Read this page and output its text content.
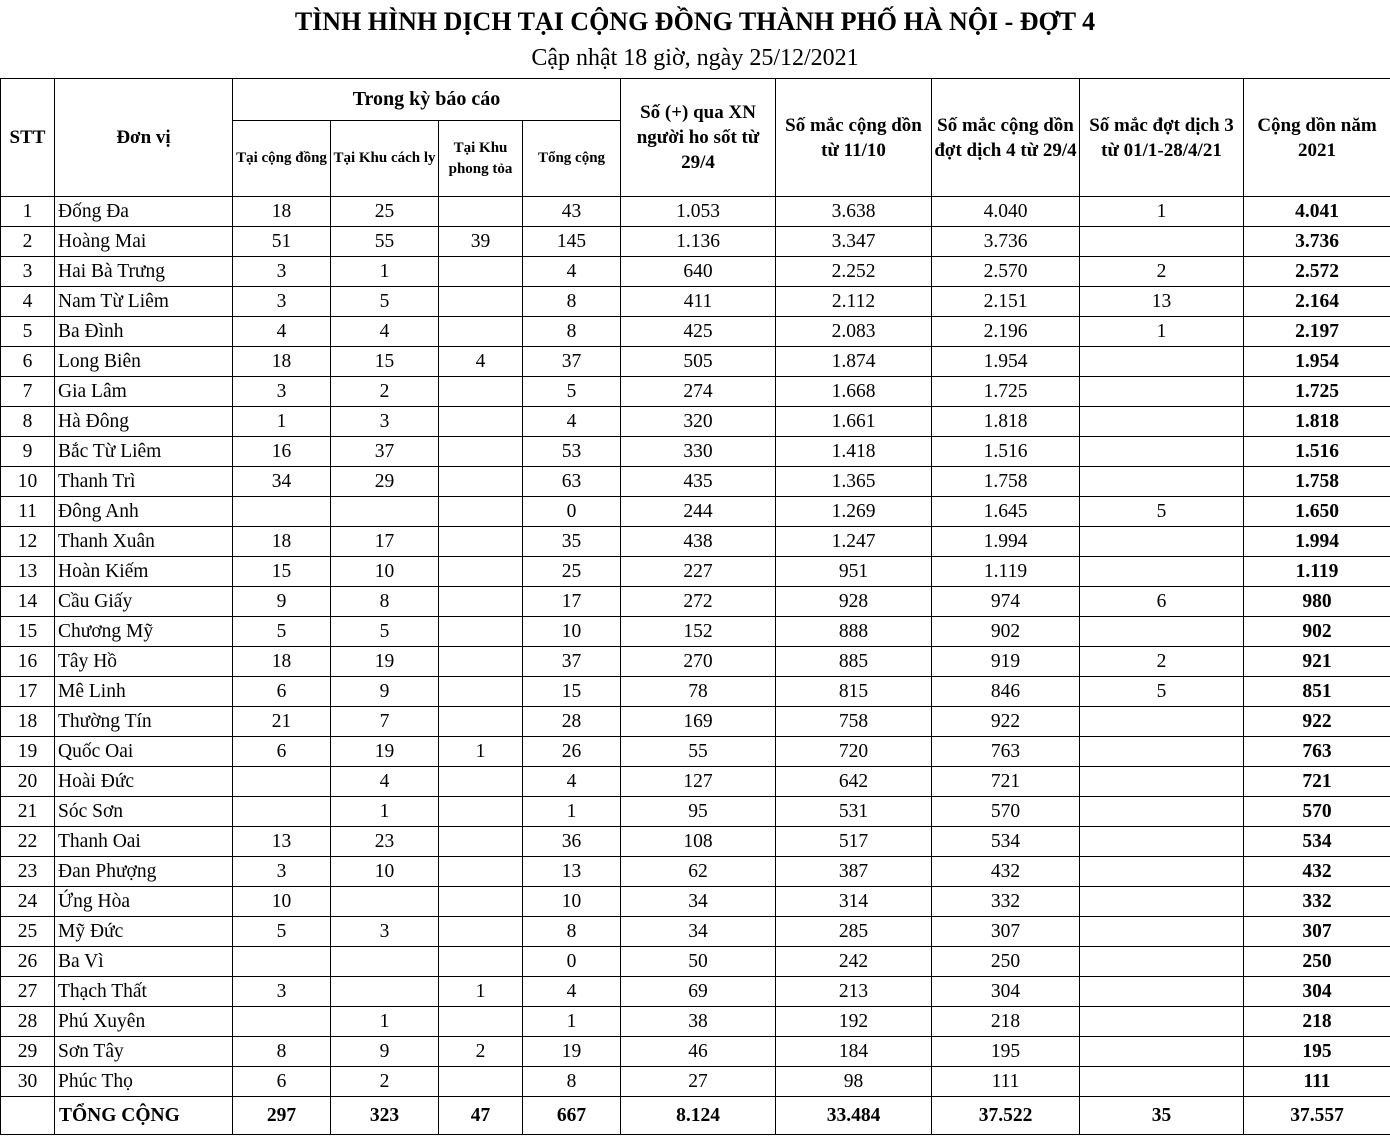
TÌNH HÌNH DỊCH TẠI CỘNG ĐỒNG THÀNH PHỐ HÀ NỘI - ĐỢT 4
Cập nhật 18 giờ, ngày 25/12/2021
STT	Đơn vị	Trong kỳ báo cáo				Số (+) qua XN người ho sốt từ 29/4	Số mắc cộng dồn từ 11/10	Số mắc cộng dồn đợt dịch 4 từ 29/4	Số mắc đợt dịch 3 từ 01/1-28/4/21	Cộng dồn năm 2021
		Tại cộng đồng	Tại Khu cách ly	Tại Khu phong tỏa	Tổng cộng					
1	Đống Đa	18	25		43	1.053	3.638	4.040	1	4.041
2	Hoàng Mai	51	55	39	145	1.136	3.347	3.736		3.736
3	Hai Bà Trưng	3	1		4	640	2.252	2.570	2	2.572
4	Nam Từ Liêm	3	5		8	411	2.112	2.151	13	2.164
5	Ba Đình	4	4		8	425	2.083	2.196	1	2.197
6	Long Biên	18	15	4	37	505	1.874	1.954		1.954
7	Gia Lâm	3	2		5	274	1.668	1.725		1.725
8	Hà Đông	1	3		4	320	1.661	1.818		1.818
9	Bắc Từ Liêm	16	37		53	330	1.418	1.516		1.516
10	Thanh Trì	34	29		63	435	1.365	1.758		1.758
11	Đông Anh				0	244	1.269	1.645	5	1.650
12	Thanh Xuân	18	17		35	438	1.247	1.994		1.994
13	Hoàn Kiếm	15	10		25	227	951	1.119		1.119
14	Cầu Giấy	9	8		17	272	928	974	6	980
15	Chương Mỹ	5	5		10	152	888	902		902
16	Tây Hồ	18	19		37	270	885	919	2	921
17	Mê Linh	6	9		15	78	815	846	5	851
18	Thường Tín	21	7		28	169	758	922		922
19	Quốc Oai	6	19	1	26	55	720	763		763
20	Hoài Đức		4		4	127	642	721		721
21	Sóc Sơn		1		1	95	531	570		570
22	Thanh Oai	13	23		36	108	517	534		534
23	Đan Phượng	3	10		13	62	387	432		432
24	Ứng Hòa	10			10	34	314	332		332
25	Mỹ Đức	5	3		8	34	285	307		307
26	Ba Vì				0	50	242	250		250
27	Thạch Thất	3		1	4	69	213	304		304
28	Phú Xuyên		1		1	38	192	218		218
29	Sơn Tây	8	9	2	19	46	184	195		195
30	Phúc Thọ	6	2		8	27	98	111		111
	TỔNG CỘNG	297	323	47	667	8.124	33.484	37.522	35	37.557
